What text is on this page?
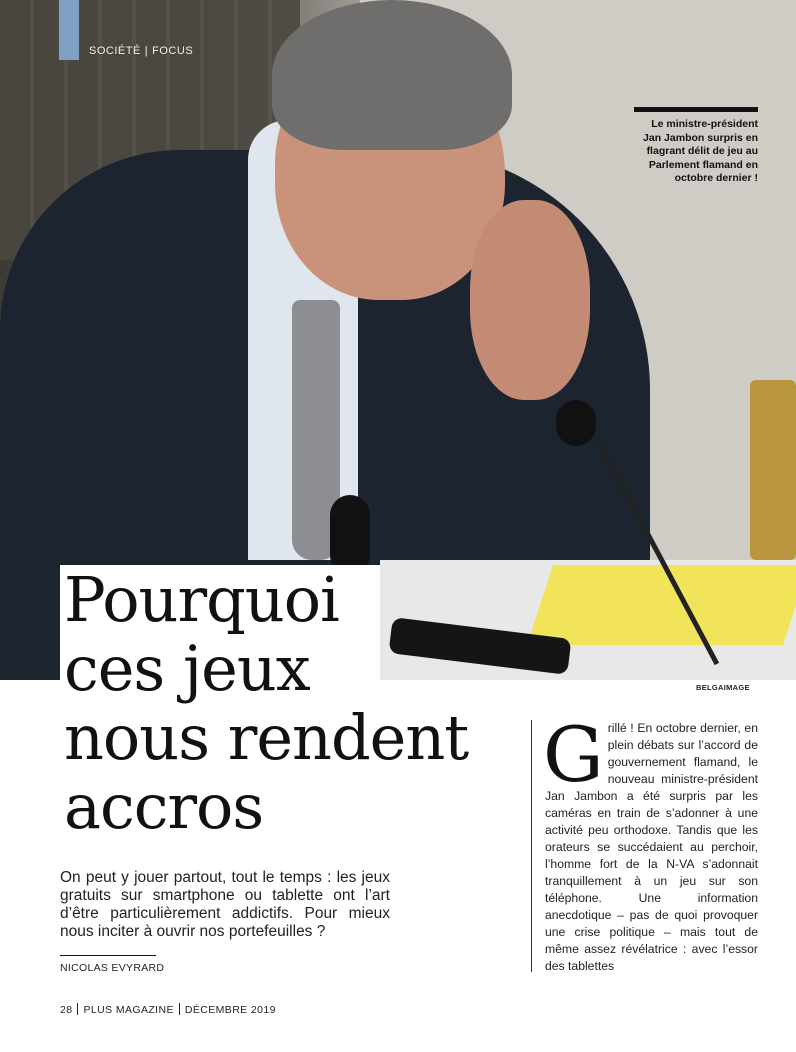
SOCIÉTÉ | FOCUS
Le ministre-président Jan Jambon surpris en flagrant délit de jeu au Parlement flamand en octobre dernier !
BELGAIMAGE
Pourquoi
ces jeux
nous rendent
accros
On peut y jouer partout, tout le temps : les jeux gratuits sur smartphone ou tablette ont l’art d’être particulièrement addictifs. Pour mieux nous inciter à ouvrir nos portefeuilles ?
NICOLAS EVYRARD

Grillé ! En octobre dernier, en plein débats sur l’accord de gouvernement flamand, le nouveau ministre-président Jan Jambon a été surpris par les caméras en train de s’adonner à une activité peu orthodoxe. Tandis que les orateurs se succédaient au perchoir, l’homme fort de la N-VA s’adonnait tranquillement à un jeu sur son téléphone. Une information anecdotique – pas de quoi provoquer une crise politique – mais tout de même assez révélatrice : avec l’essor des tablettes

28 PLUS MAGAZINE DÉCEMBRE 2019
